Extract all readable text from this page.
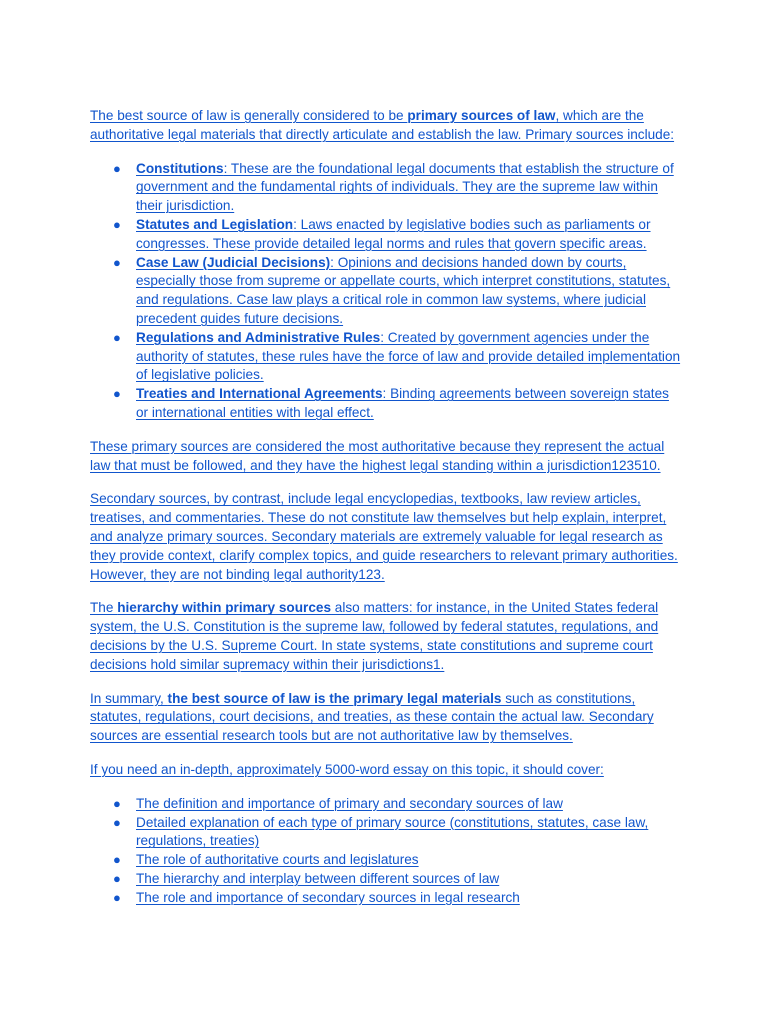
The best source of law is generally considered to be primary sources of law, which are the authoritative legal materials that directly articulate and establish the law. Primary sources include:

● Constitutions: These are the foundational legal documents that establish the structure of government and the fundamental rights of individuals. They are the supreme law within their jurisdiction.
● Statutes and Legislation: Laws enacted by legislative bodies such as parliaments or congresses. These provide detailed legal norms and rules that govern specific areas.
● Case Law (Judicial Decisions): Opinions and decisions handed down by courts, especially those from supreme or appellate courts, which interpret constitutions, statutes, and regulations. Case law plays a critical role in common law systems, where judicial precedent guides future decisions.
● Regulations and Administrative Rules: Created by government agencies under the authority of statutes, these rules have the force of law and provide detailed implementation of legislative policies.
● Treaties and International Agreements: Binding agreements between sovereign states or international entities with legal effect.

These primary sources are considered the most authoritative because they represent the actual law that must be followed, and they have the highest legal standing within a jurisdiction123510.

Secondary sources, by contrast, include legal encyclopedias, textbooks, law review articles, treatises, and commentaries. These do not constitute law themselves but help explain, interpret, and analyze primary sources. Secondary materials are extremely valuable for legal research as they provide context, clarify complex topics, and guide researchers to relevant primary authorities. However, they are not binding legal authority123.

The hierarchy within primary sources also matters: for instance, in the United States federal system, the U.S. Constitution is the supreme law, followed by federal statutes, regulations, and decisions by the U.S. Supreme Court. In state systems, state constitutions and supreme court decisions hold similar supremacy within their jurisdictions1.

In summary, the best source of law is the primary legal materials such as constitutions, statutes, regulations, court decisions, and treaties, as these contain the actual law. Secondary sources are essential research tools but are not authoritative law by themselves.

If you need an in-depth, approximately 5000-word essay on this topic, it should cover:

● The definition and importance of primary and secondary sources of law
● Detailed explanation of each type of primary source (constitutions, statutes, case law, regulations, treaties)
● The role of authoritative courts and legislatures
● The hierarchy and interplay between different sources of law
● The role and importance of secondary sources in legal research
